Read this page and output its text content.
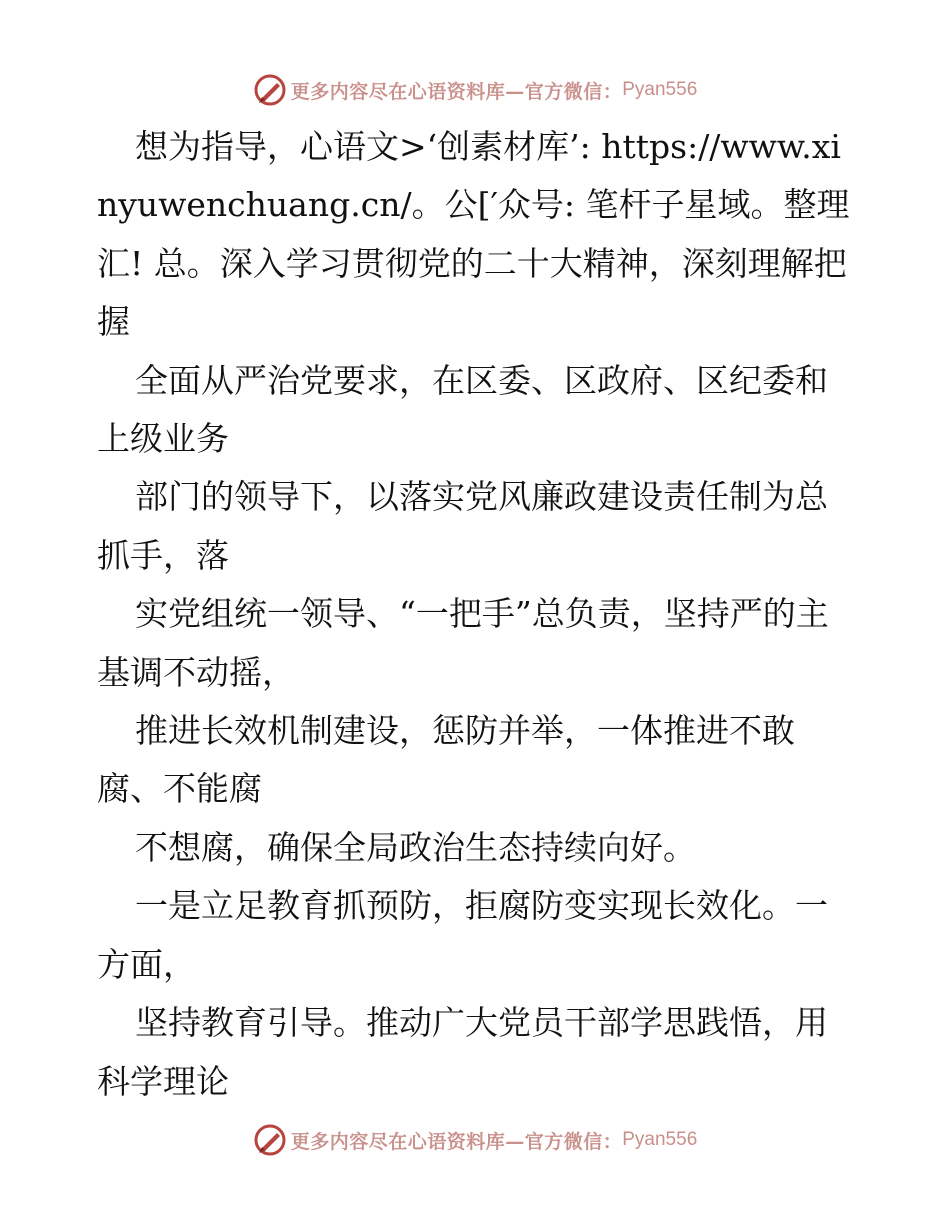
更多内容尽在心语资料库—官方微信： Pyan556

想为指导，心语文>‘创素材库’: https://www.xinyuwenchuang.cn/。公[′众号: 笔杆子星域。整理汇! 总。深入学习贯彻党的二十大精神，深刻理解把握

全面从严治党要求，在区委、区政府、区纪委和上级业务

部门的领导下，以落实党风廉政建设责任制为总抓手，落

实党组统一领导、“一把手”总负责，坚持严的主基调不动摇，

推进长效机制建设，惩防并举，一体推进不敢腐、不能腐

不想腐，确保全局政治生态持续向好。

一是立足教育抓预防，拒腐防变实现长效化。一方面，

坚持教育引导。推动广大党员干部学思践悟，用科学理论

更多内容尽在心语资料库—官方微信： Pyan556
